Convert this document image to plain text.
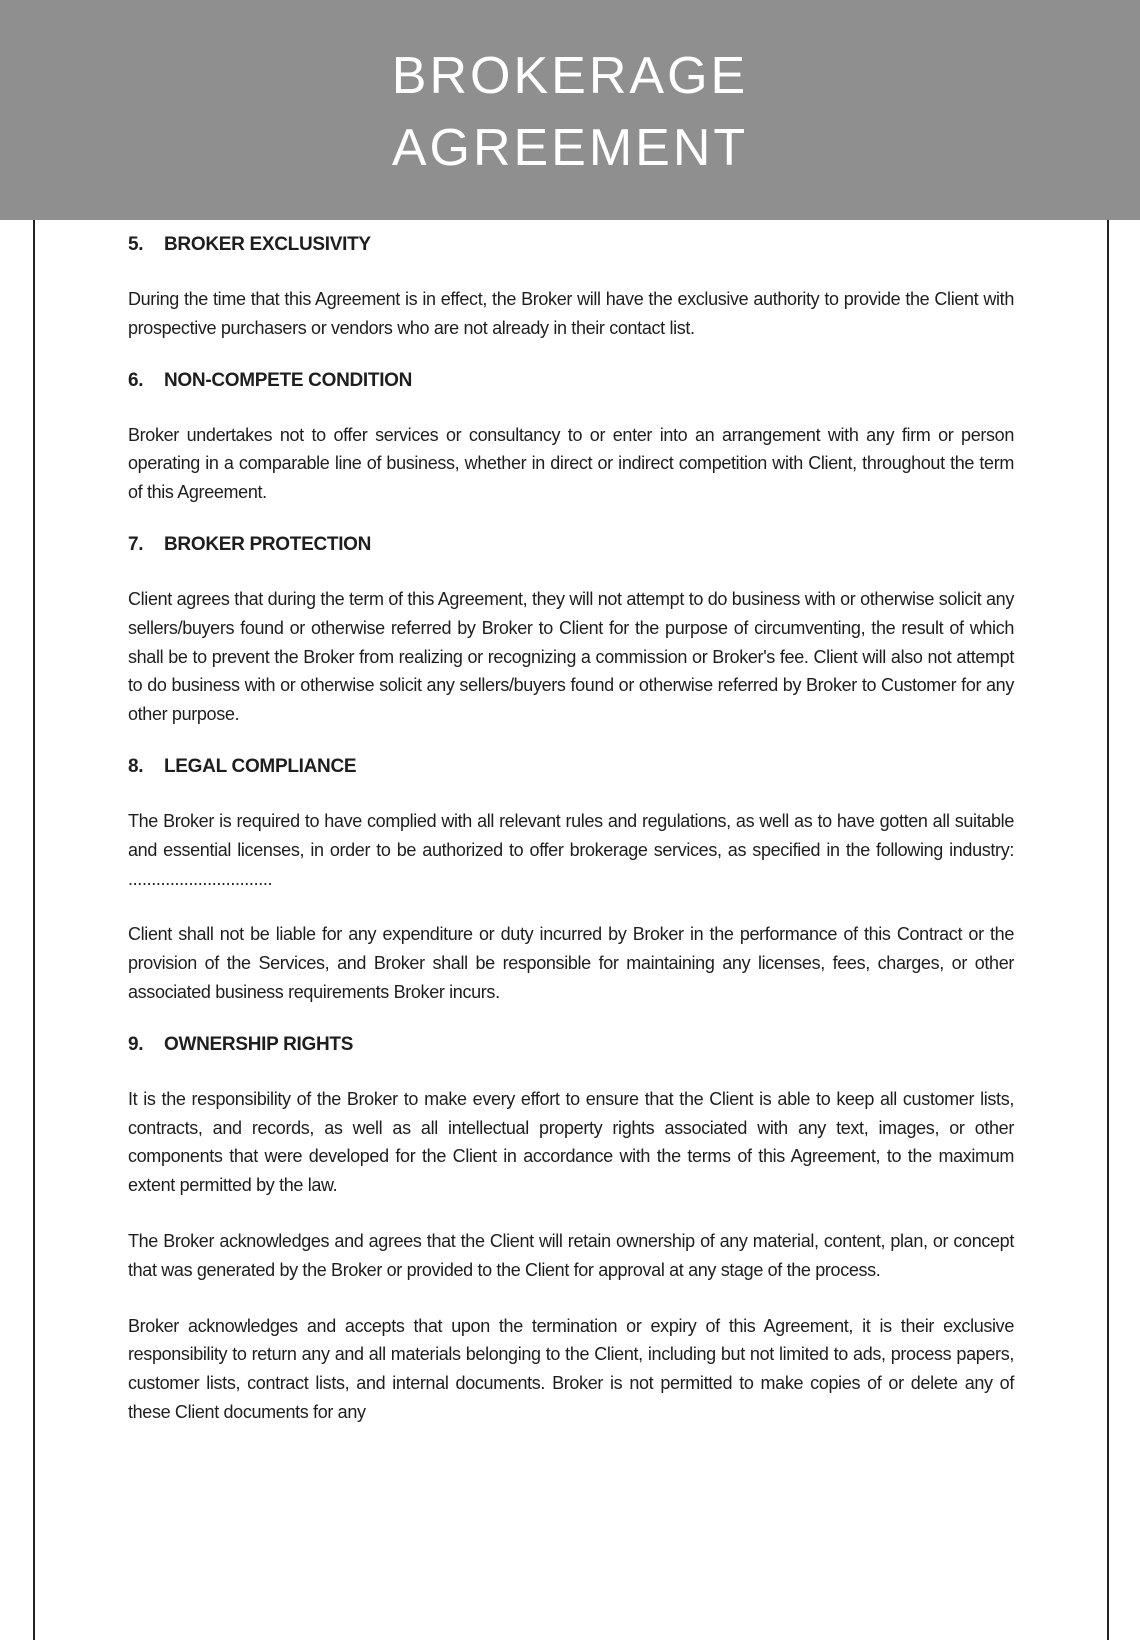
BROKERAGE
AGREEMENT
5. BROKER EXCLUSIVITY

During the time that this Agreement is in effect, the Broker will have the exclusive authority to provide the Client with prospective purchasers or vendors who are not already in their contact list.

6. NON-COMPETE CONDITION

Broker undertakes not to offer services or consultancy to or enter into an arrangement with any firm or person operating in a comparable line of business, whether in direct or indirect competition with Client, throughout the term of this Agreement.

7. BROKER PROTECTION

Client agrees that during the term of this Agreement, they will not attempt to do business with or otherwise solicit any sellers/buyers found or otherwise referred by Broker to Client for the purpose of circumventing, the result of which shall be to prevent the Broker from realizing or recognizing a commission or Broker's fee. Client will also not attempt to do business with or otherwise solicit any sellers/buyers found or otherwise referred by Broker to Customer for any other purpose.

8. LEGAL COMPLIANCE

The Broker is required to have complied with all relevant rules and regulations, as well as to have gotten all suitable and essential licenses, in order to be authorized to offer brokerage services, as specified in the following industry: ...............................

Client shall not be liable for any expenditure or duty incurred by Broker in the performance of this Contract or the provision of the Services, and Broker shall be responsible for maintaining any licenses, fees, charges, or other associated business requirements Broker incurs.

9. OWNERSHIP RIGHTS

It is the responsibility of the Broker to make every effort to ensure that the Client is able to keep all customer lists, contracts, and records, as well as all intellectual property rights associated with any text, images, or other components that were developed for the Client in accordance with the terms of this Agreement, to the maximum extent permitted by the law.

The Broker acknowledges and agrees that the Client will retain ownership of any material, content, plan, or concept that was generated by the Broker or provided to the Client for approval at any stage of the process.

Broker acknowledges and accepts that upon the termination or expiry of this Agreement, it is their exclusive responsibility to return any and all materials belonging to the Client, including but not limited to ads, process papers, customer lists, contract lists, and internal documents. Broker is not permitted to make copies of or delete any of these Client documents for any
